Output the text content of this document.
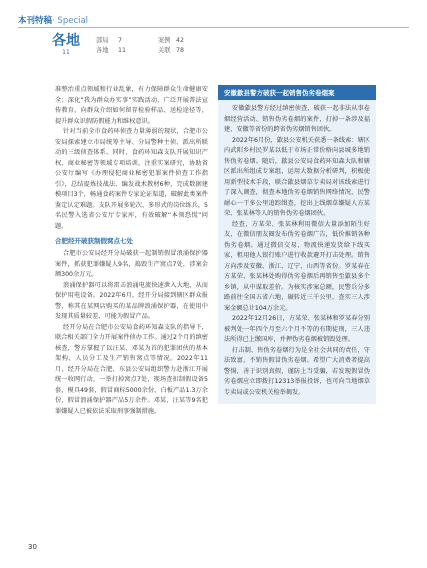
本刊特稿· Special
各地
11
部局 7	案例 42
各地 11	关联 78

准整治重点领域和行业乱象，有力保障群众生命健康安全；深化“我为群众办实事”实践活动，广泛开展普法宣传教育，向群众介绍如何留存检验样品、送检途径等，提升群众识假防假能力和维权意识。

针对当前全市食药环侦查力量薄弱的现状，合肥市公安局探索建立市局统筹主导、分局警种主侦、派出所联动的三级侦查体系。同时，食药环知森支队开展知识产权、商业秘密等领域专项培训，注重实案研究，协助省公安厅编写《办理侵犯商业秘密犯罪案件侦查工作指引》，总结提炼技战法、编发战术教材6种，完成数据建模项目3个，畅通食药案件专家论证渠道，破解此类案件鉴定认定难题。支队开展多轮次、多形式的岗位练兵，5名民警入选省公安厅专家库，有效破解“本领恐慌”问题。

合肥经开破获制假窝点七处

合肥市公安局经开分局破获一起制销假冒浪涌保护器案件，抓获犯罪嫌疑人9名，捣毁生产窝点7处，涉案金额300余万元。

浪涌保护器可以将雷击浪涌电流快速泄入大地，从而保护用电设备。2022年6月，经开分局接到辖区群众报警，称其在某网店购买的某品牌浪涌保护器，在使用中发现其质量较差，可能为假冒产品。

经开分局在合肥市公安局食药环知森支队的指导下，联合相关部门全力开展案件侦办工作。通过2个月的缜密核查，警方掌握了以汪某、邓某为首的犯罪团伙的基本架构、人员分工及生产销售窝点等情况。2022年11月，经开分局在合肥、东县公安局组织警力赴浙江开展统一收网行动，一举打掉窝点7处，现场查扣制假设备5套，模具49套，假冒商标5000余份，白板产品1.3万余份，假冒浪涌保护器产品5万余件。邓某、汪某等9名犯罪嫌疑人已被依法采取刑事强制措施。

安徽歙县警方破获一起销售伪劣卷烟案

安徽歙县警方经过缜密侦查，破获一起非法从事卷烟经营活动、销售伪劣卷烟的案件，打掉一条涉及福建、安徽等省份的跨省伪劣烟销售团伙。

2022年6月份，歙县公安机关获悉一条线索：辖区内武阳乡村民罗某以低于市场正常价格向县城多地销售伪劣卷烟。随后，歙县公安局食药环知森大队和辖区派出所组成专案组，运用大数据分析研判，积极使用新型技术手段，联合歙县烟草专卖局对该线索进行了深入调查，彻查本地伪劣卷烟销售网络情况，民警耐心一干多公里追踪缉查，挖出上线烟草嫌疑人方某荣、张某林等人的销售伪劣卷烟团伙。

经查，方某荣、张某林利用微信大量添加陌生好友，在微信朋友圈发布伪劣卷烟广告，低价推销各种伪劣卷烟。通过微信交易、物流快递发货给下线买家，租用他人银行账户进行收款避开打击处理。销售方向涉及安徽、浙江、辽宁、山西等省份。罗某春在方某荣、张某林处购得伪劣卷烟后再销售至歙县多个乡镇，从中谋取差价。为核实涉案总额，民警兵分多路前往全国五省六地，辗转近三千公里，查实三人涉案金额总计104万余元。

2022年12月26日，方某荣、张某林和罗某春分别被判处一年四个月至六个月不等的有期徒刑，三人违法所得已上缴国库，并押伪劣卷烟被销毁处理。

打击制、售伪劣卷烟行为是全社会共同的责任，守法致富，不销售假冒伪劣卷烟。希望广大消费者提高警惕，善于识别真假，谨防上当受骗，若发现假冒伪劣卷烟应立即拨打12313举报投诉，也可向当地烟草专卖局或公安机关检举揭发。

30
